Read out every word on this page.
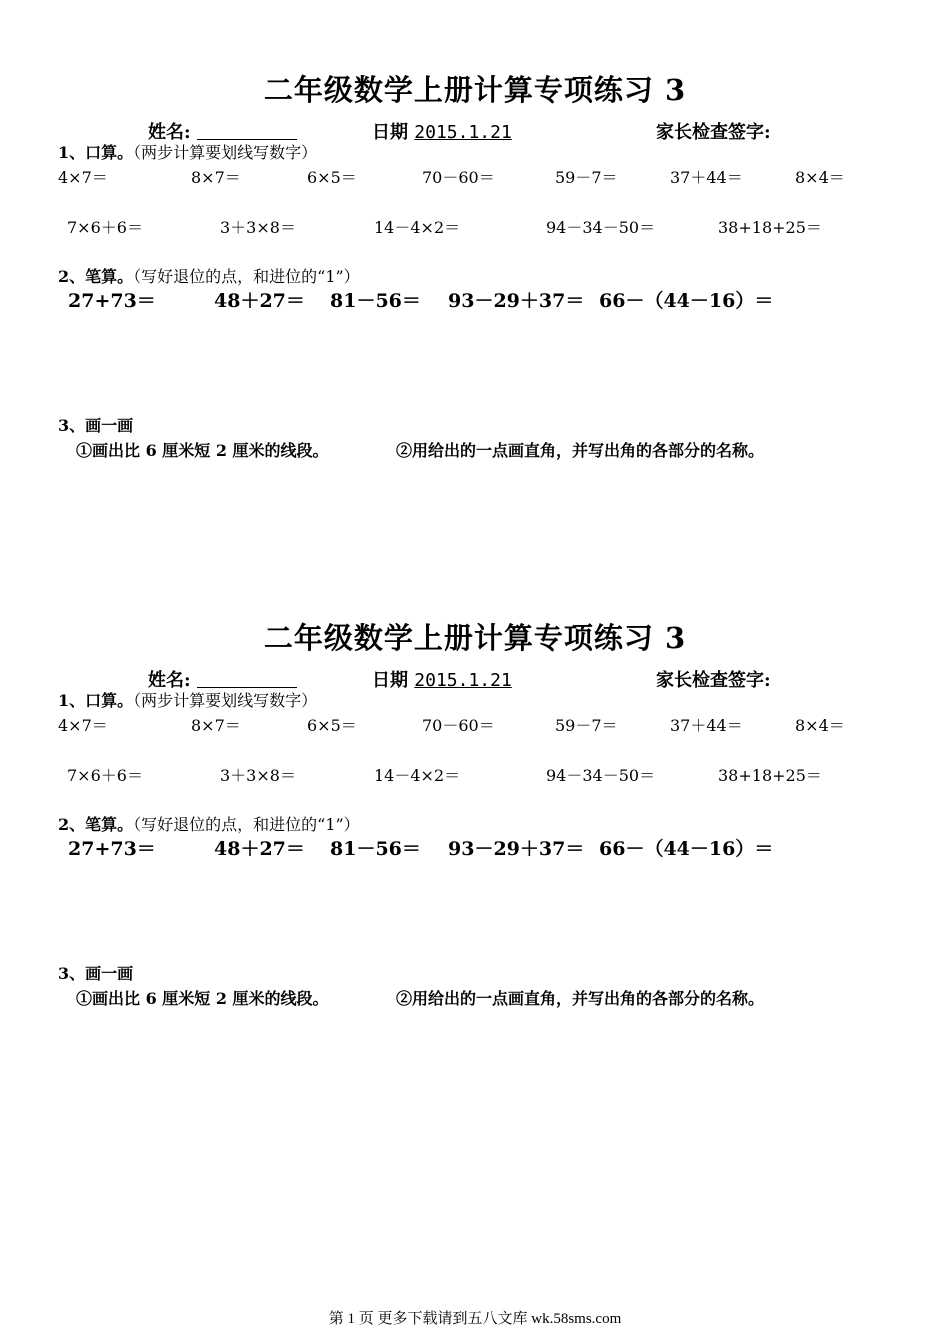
二年级数学上册计算专项练习 3
姓名:	日期 2015.1.21	家长检查签字:
1、口算。（两步计算要划线写数字）
4×7＝	8×7＝	6×5＝	70－60＝	59－7＝	37＋44＝	8×4＝
7×6＋6＝	3＋3×8＝	14－4×2＝	94－34－50＝	38+18+25＝
2、笔算。（写好退位的点，和进位的“1”）
27+73＝	48＋27＝ 81－56＝ 93－29＋37＝ 66－（44－16）＝
3、画一画
①画出比 6 厘米短 2 厘米的线段。	②用给出的一点画直角，并写出角的各部分的名称。
二年级数学上册计算专项练习 3
姓名:	日期 2015.1.21	家长检查签字:
1、口算。（两步计算要划线写数字）
4×7＝	8×7＝	6×5＝	70－60＝	59－7＝	37＋44＝	8×4＝
7×6＋6＝	3＋3×8＝	14－4×2＝	94－34－50＝	38+18+25＝
2、笔算。（写好退位的点，和进位的“1”）
27+73＝	48＋27＝ 81－56＝ 93－29＋37＝ 66－（44－16）＝
3、画一画
①画出比 6 厘米短 2 厘米的线段。	②用给出的一点画直角，并写出角的各部分的名称。
第 1 页 更多下载请到五八文库 wk.58sms.com
